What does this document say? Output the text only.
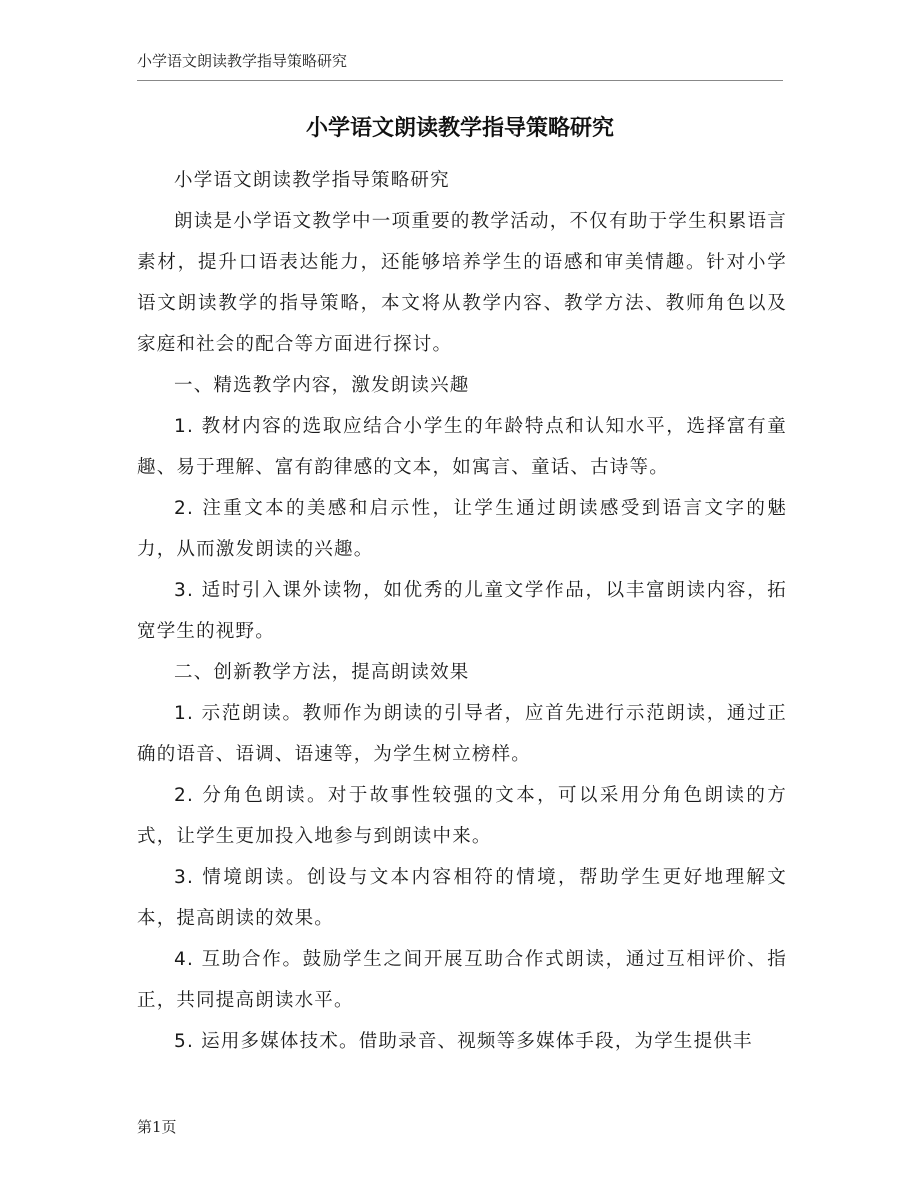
小学语文朗读教学指导策略研究
小学语文朗读教学指导策略研究

小学语文朗读教学指导策略研究

朗读是小学语文教学中一项重要的教学活动，不仅有助于学生积累语言素材，提升口语表达能力，还能够培养学生的语感和审美情趣。针对小学语文朗读教学的指导策略，本文将从教学内容、教学方法、教师角色以及家庭和社会的配合等方面进行探讨。

一、精选教学内容，激发朗读兴趣

1. 教材内容的选取应结合小学生的年龄特点和认知水平，选择富有童趣、易于理解、富有韵律感的文本，如寓言、童话、古诗等。

2. 注重文本的美感和启示性，让学生通过朗读感受到语言文字的魅力，从而激发朗读的兴趣。

3. 适时引入课外读物，如优秀的儿童文学作品，以丰富朗读内容，拓宽学生的视野。

二、创新教学方法，提高朗读效果

1. 示范朗读。教师作为朗读的引导者，应首先进行示范朗读，通过正确的语音、语调、语速等，为学生树立榜样。

2. 分角色朗读。对于故事性较强的文本，可以采用分角色朗读的方式，让学生更加投入地参与到朗读中来。

3. 情境朗读。创设与文本内容相符的情境，帮助学生更好地理解文本，提高朗读的效果。

4. 互助合作。鼓励学生之间开展互助合作式朗读，通过互相评价、指正，共同提高朗读水平。

5. 运用多媒体技术。借助录音、视频等多媒体手段，为学生提供丰

第1页
